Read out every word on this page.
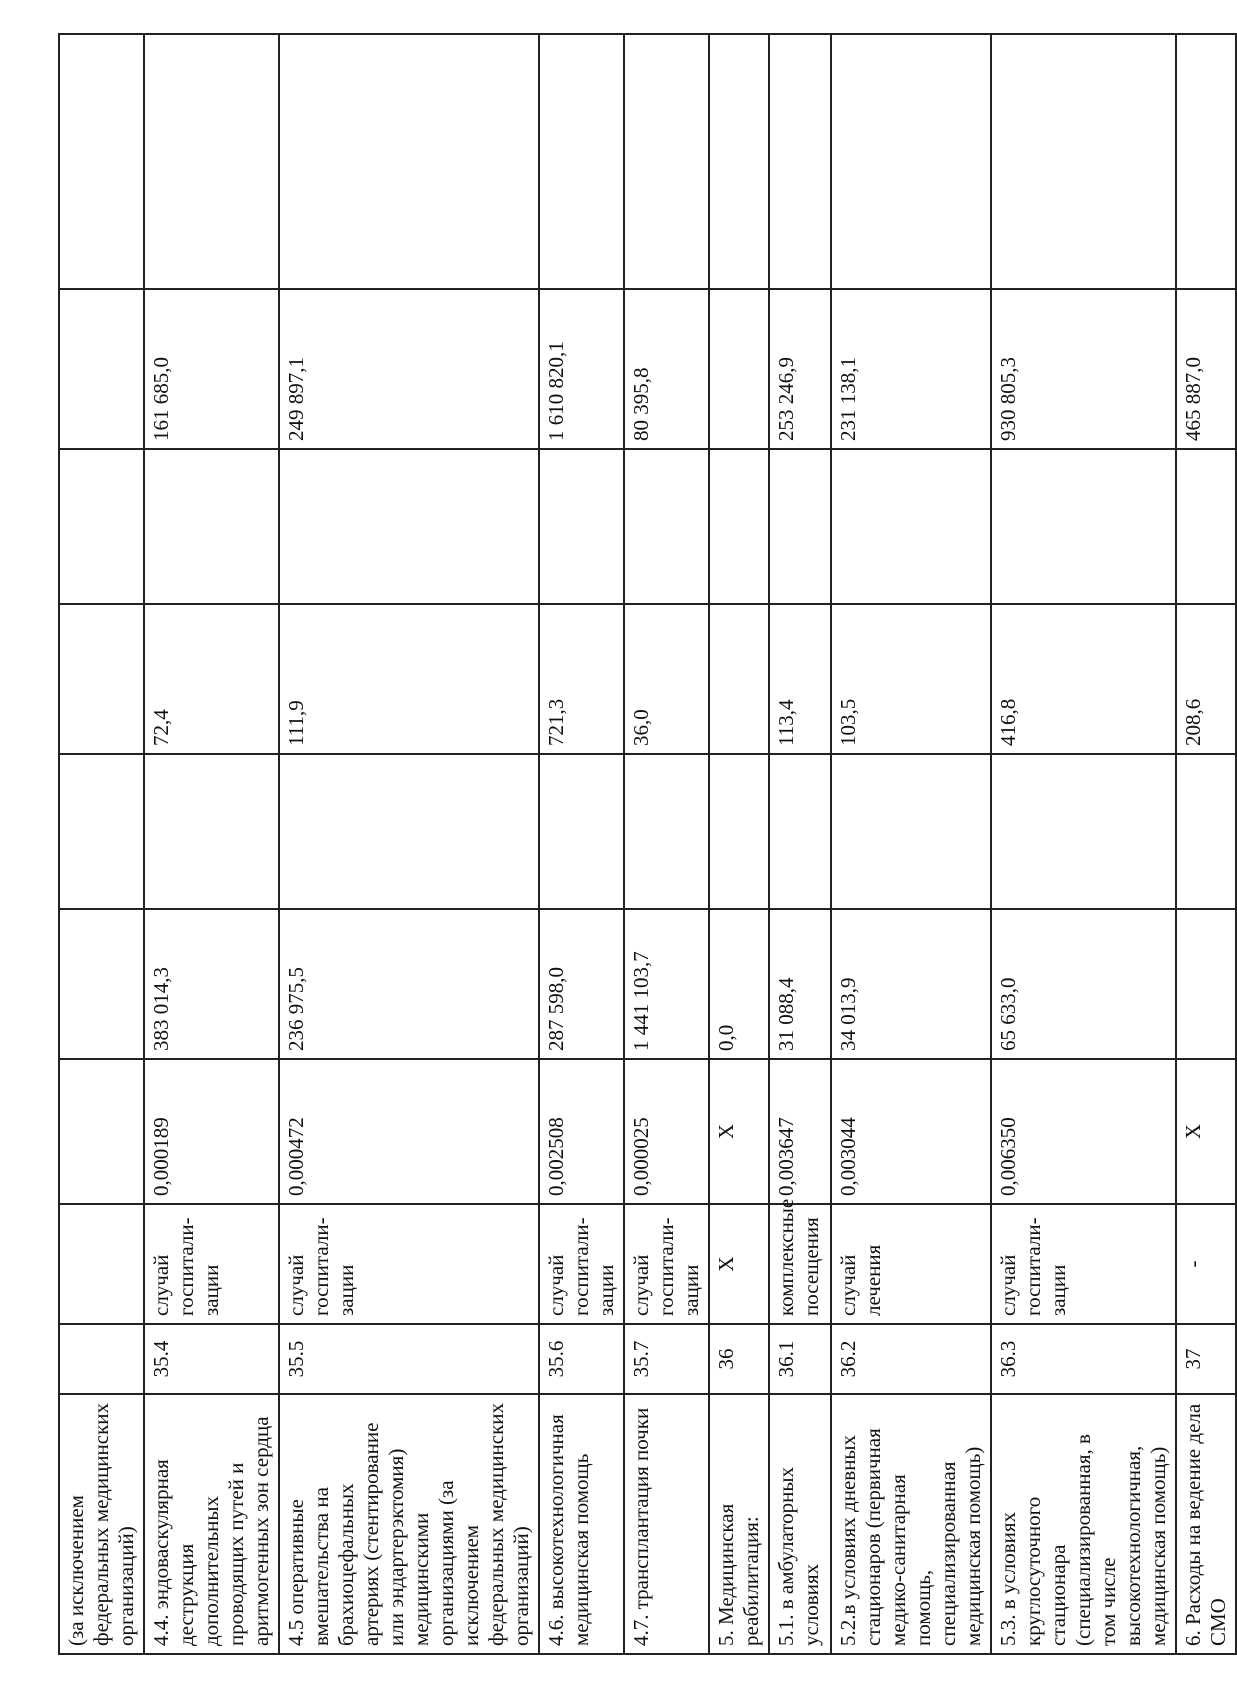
(за исключением федеральных медицинских организаций)									
4.4. эндоваскулярная деструкция дополнительных проводящих путей и аритмогенных зон сердца	35.4	случай госпитали-зации	0,000189	383 014,3		72,4		161 685,0	
4.5 оперативные вмешательства на брахиоцефальных артериях (стентирование или эндартерэктомия) медицинскими организациями (за исключением федеральных медицинских организаций)	35.5	случай госпитали-зации	0,000472	236 975,5		111,9		249 897,1	
4.6. высокотехнологичная медицинская помощь	35.6	случай госпитали-зации	0,002508	287 598,0		721,3		1 610 820,1	
4.7. трансплантация почки	35.7	случай госпитали-зации	0,000025	1 441 103,7		36,0		80 395,8	
5. Медицинская реабилитация:	36	X	X	0,0					
5.1. в амбулаторных условиях	36.1	комплексные посещения	0,003647	31 088,4		113,4		253 246,9	
5.2.в условиях дневных стационаров (первичная медико-санитарная помощь, специализированная медицинская помощь)	36.2	случай лечения	0,003044	34 013,9		103,5		231 138,1	
5.3. в условиях круглосуточного стационара (специализированная, в том числе высокотехнологичная, медицинская помощь)	36.3	случай госпитали-зации	0,006350	65 633,0		416,8		930 805,3	
6. Расходы на ведение дела СМО	37	-	X			208,6		465 887,0	
